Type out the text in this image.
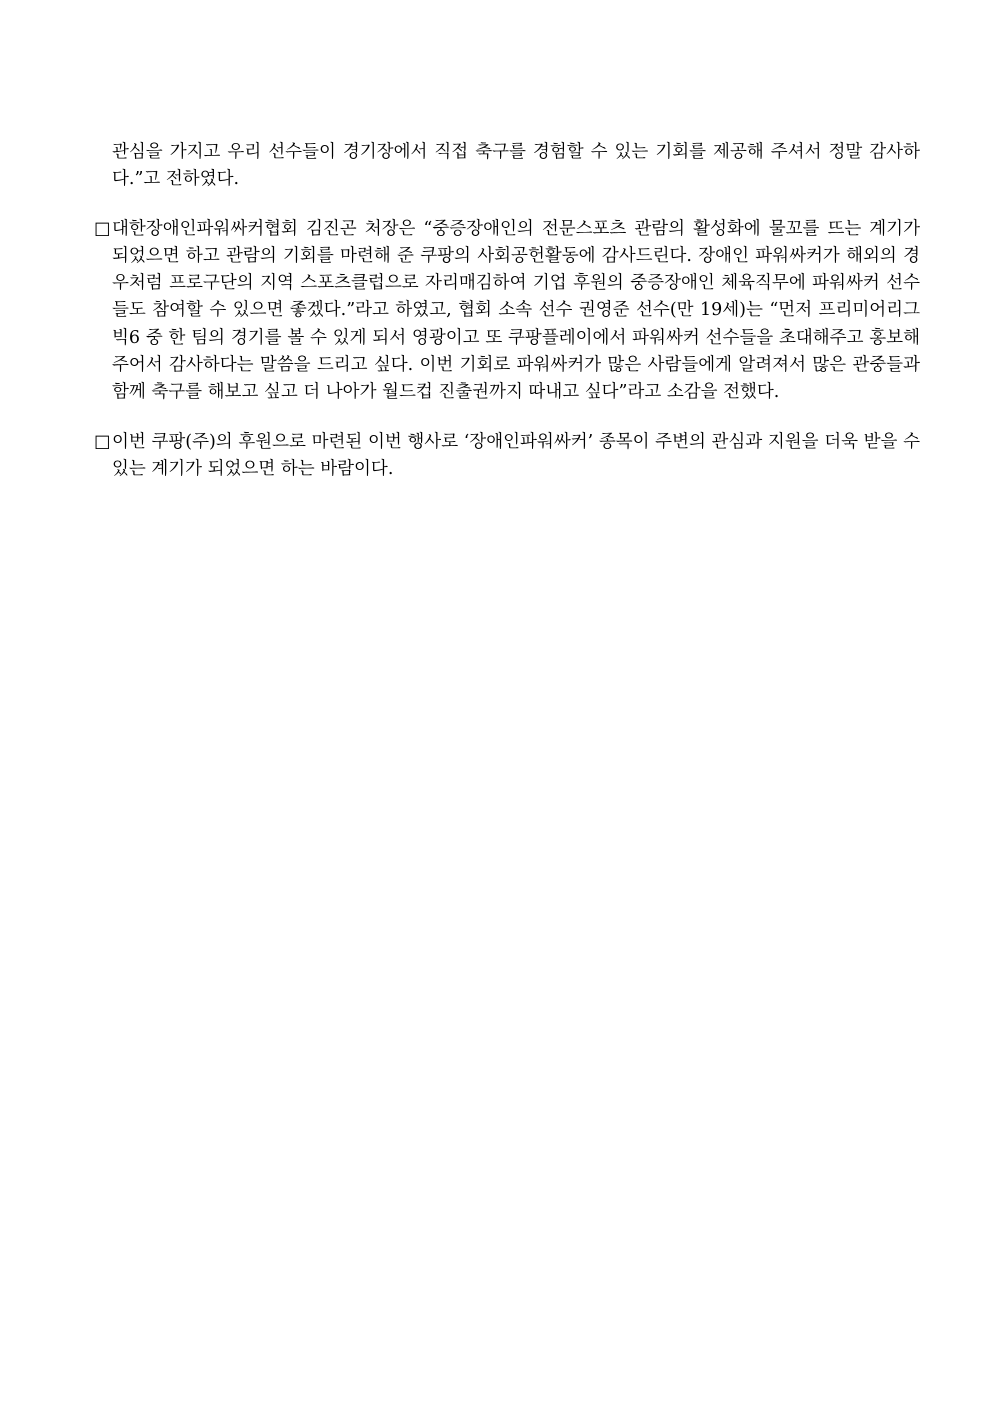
관심을 가지고 우리 선수들이 경기장에서 직접 축구를 경험할 수 있는 기회를 제공해 주셔서 정말 감사하다.”고 전하였다.

□ 대한장애인파워싸커협회 김진곤 처장은 “중증장애인의 전문스포츠 관람의 활성화에 물꼬를 뜨는 계기가 되었으면 하고 관람의 기회를 마련해 준 쿠팡의 사회공헌활동에 감사드린다. 장애인 파워싸커가 해외의 경우처럼 프로구단의 지역 스포츠클럽으로 자리매김하여 기업 후원의 중증장애인 체육직무에 파워싸커 선수들도 참여할 수 있으면 좋겠다.”라고 하였고, 협회 소속 선수 권영준 선수(만 19세)는 “먼저 프리미어리그 빅6 중 한 팀의 경기를 볼 수 있게 되서 영광이고 또 쿠팡플레이에서 파워싸커 선수들을 초대해주고 홍보해주어서 감사하다는 말씀을 드리고 싶다. 이번 기회로 파워싸커가 많은 사람들에게 알려져서 많은 관중들과 함께 축구를 해보고 싶고 더 나아가 월드컵 진출권까지 따내고 싶다”라고 소감을 전했다.

□ 이번 쿠팡(주)의 후원으로 마련된 이번 행사로 ‘장애인파워싸커’ 종목이 주변의 관심과 지원을 더욱 받을 수 있는 계기가 되었으면 하는 바람이다.
